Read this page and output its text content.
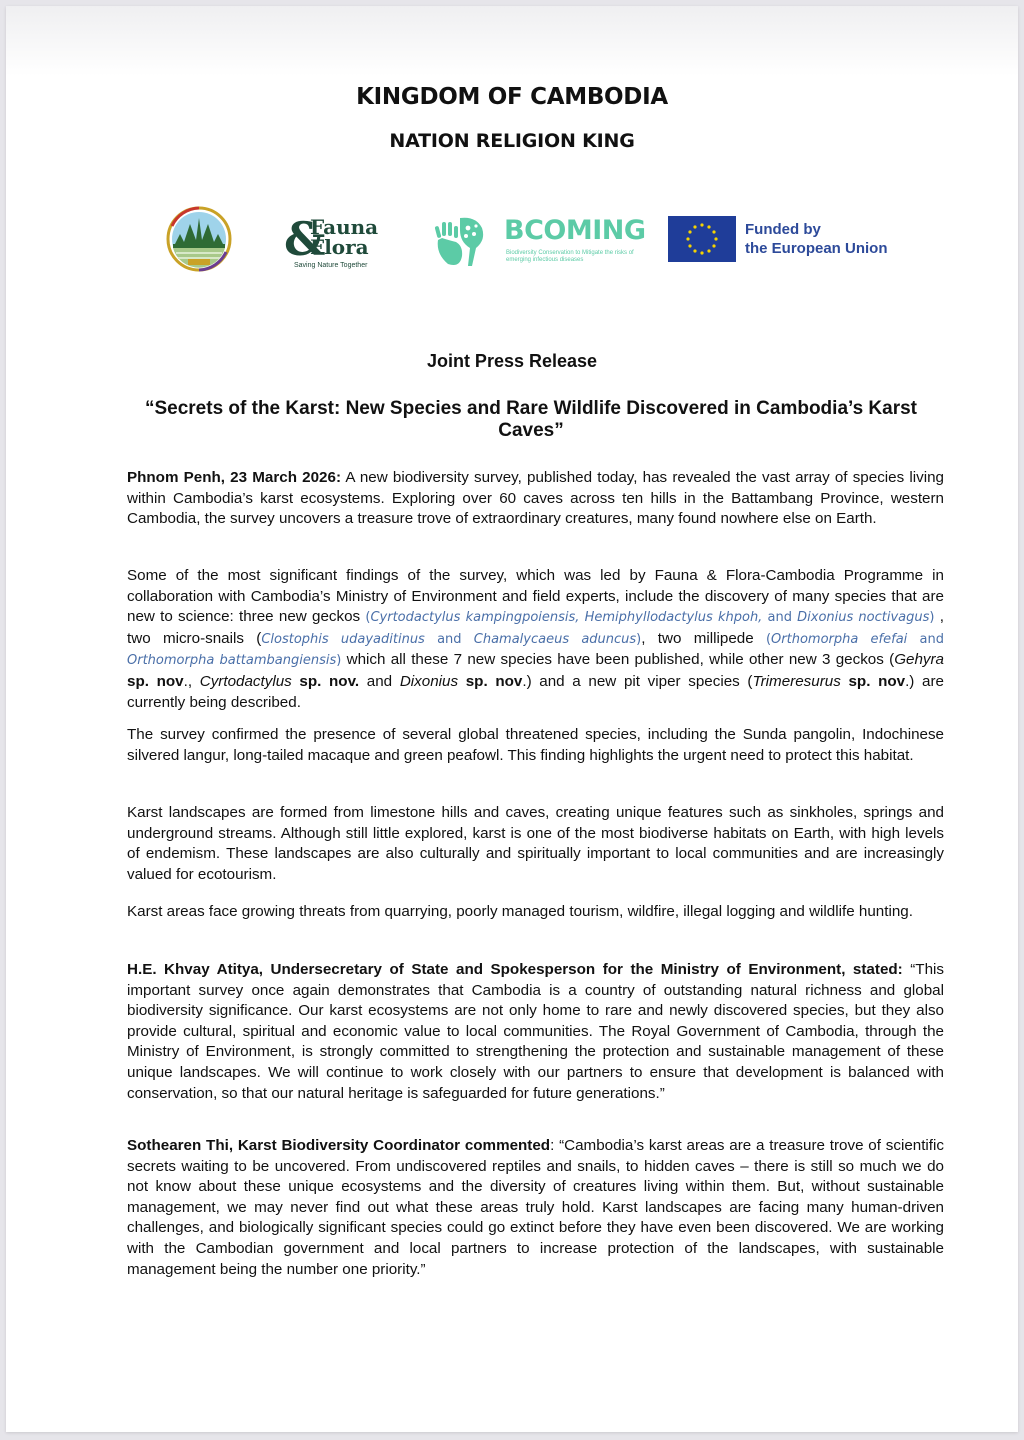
KINGDOM OF CAMBODIA
NATION RELIGION KING
&
Fauna
Flora
Saving Nature Together
BCOMING
Biodiversity Conservation to Mitigate the risks of emerging infectious diseases
Funded by
the European Union
Joint Press Release
“Secrets of the Karst: New Species and Rare Wildlife Discovered in Cambodia’s Karst Caves”

Phnom Penh, 23 March 2026: A new biodiversity survey, published today, has revealed the vast array of species living within Cambodia’s karst ecosystems. Exploring over 60 caves across ten hills in the Battambang Province, western Cambodia, the survey uncovers a treasure trove of extraordinary creatures, many found nowhere else on Earth.

Some of the most significant findings of the survey, which was led by Fauna & Flora-Cambodia Programme in collaboration with Cambodia’s Ministry of Environment and field experts, include the discovery of many species that are new to science: three new geckos (Cyrtodactylus kampingpoiensis, Hemiphyllodactylus khpoh, and Dixonius noctivagus) , two micro-snails (Clostophis udayaditinus and Chamalycaeus aduncus), two millipede (Orthomorpha efefai and Orthomorpha battambangiensis) which all these 7 new species have been published, while other new 3 geckos (Gehyra sp. nov., Cyrtodactylus sp. nov. and Dixonius sp. nov.) and a new pit viper species (Trimeresurus sp. nov.) are currently being described.

The survey confirmed the presence of several global threatened species, including the Sunda pangolin, Indochinese silvered langur, long-tailed macaque and green peafowl. This finding highlights the urgent need to protect this habitat.

Karst landscapes are formed from limestone hills and caves, creating unique features such as sinkholes, springs and underground streams. Although still little explored, karst is one of the most biodiverse habitats on Earth, with high levels of endemism. These landscapes are also culturally and spiritually important to local communities and are increasingly valued for ecotourism.

Karst areas face growing threats from quarrying, poorly managed tourism, wildfire, illegal logging and wildlife hunting.

H.E. Khvay Atitya, Undersecretary of State and Spokesperson for the Ministry of Environment, stated: “This important survey once again demonstrates that Cambodia is a country of outstanding natural richness and global biodiversity significance. Our karst ecosystems are not only home to rare and newly discovered species, but they also provide cultural, spiritual and economic value to local communities. The Royal Government of Cambodia, through the Ministry of Environment, is strongly committed to strengthening the protection and sustainable management of these unique landscapes. We will continue to work closely with our partners to ensure that development is balanced with conservation, so that our natural heritage is safeguarded for future generations.”

Sothearen Thi, Karst Biodiversity Coordinator commented: “Cambodia’s karst areas are a treasure trove of scientific secrets waiting to be uncovered. From undiscovered reptiles and snails, to hidden caves – there is still so much we do not know about these unique ecosystems and the diversity of creatures living within them. But, without sustainable management, we may never find out what these areas truly hold. Karst landscapes are facing many human-driven challenges, and biologically significant species could go extinct before they have even been discovered. We are working with the Cambodian government and local partners to increase protection of the landscapes, with sustainable management being the number one priority.”
